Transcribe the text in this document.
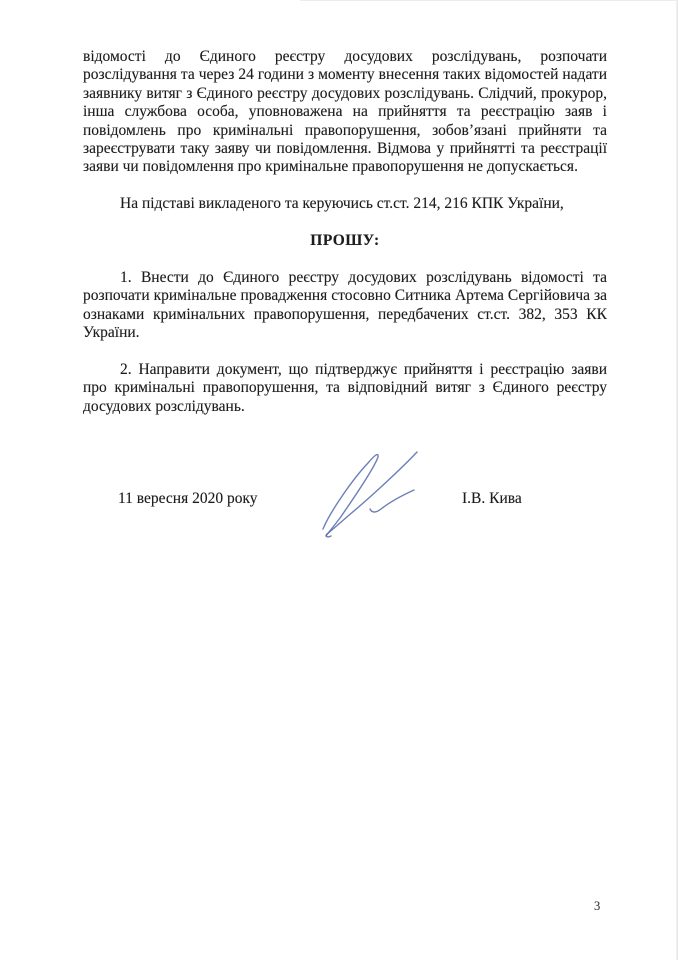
відомості до Єдиного реєстру досудових розслідувань, розпочати розслідування та через 24 години з моменту внесення таких відомостей надати заявнику витяг з Єдиного реєстру досудових розслідувань. Слідчий, прокурор, інша службова особа, уповноважена на прийняття та реєстрацію заяв і повідомлень про кримінальні правопорушення, зобов’язані прийняти та зареєструвати таку заяву чи повідомлення. Відмова у прийнятті та реєстрації заяви чи повідомлення про кримінальне правопорушення не допускається.

На підставі викладеного та керуючись ст.ст. 214, 216 КПК України,

ПРОШУ:

1. Внести до Єдиного реєстру досудових розслідувань відомості та розпочати кримінальне провадження стосовно Ситника Артема Сергійовича за ознаками кримінальних правопорушення, передбачених ст.ст. 382, 353 КК України.

2. Направити документ, що підтверджує прийняття і реєстрацію заяви про кримінальні правопорушення, та відповідний витяг з Єдиного реєстру досудових розслідувань.

11 вересня 2020 року	І.В. Кива
3
